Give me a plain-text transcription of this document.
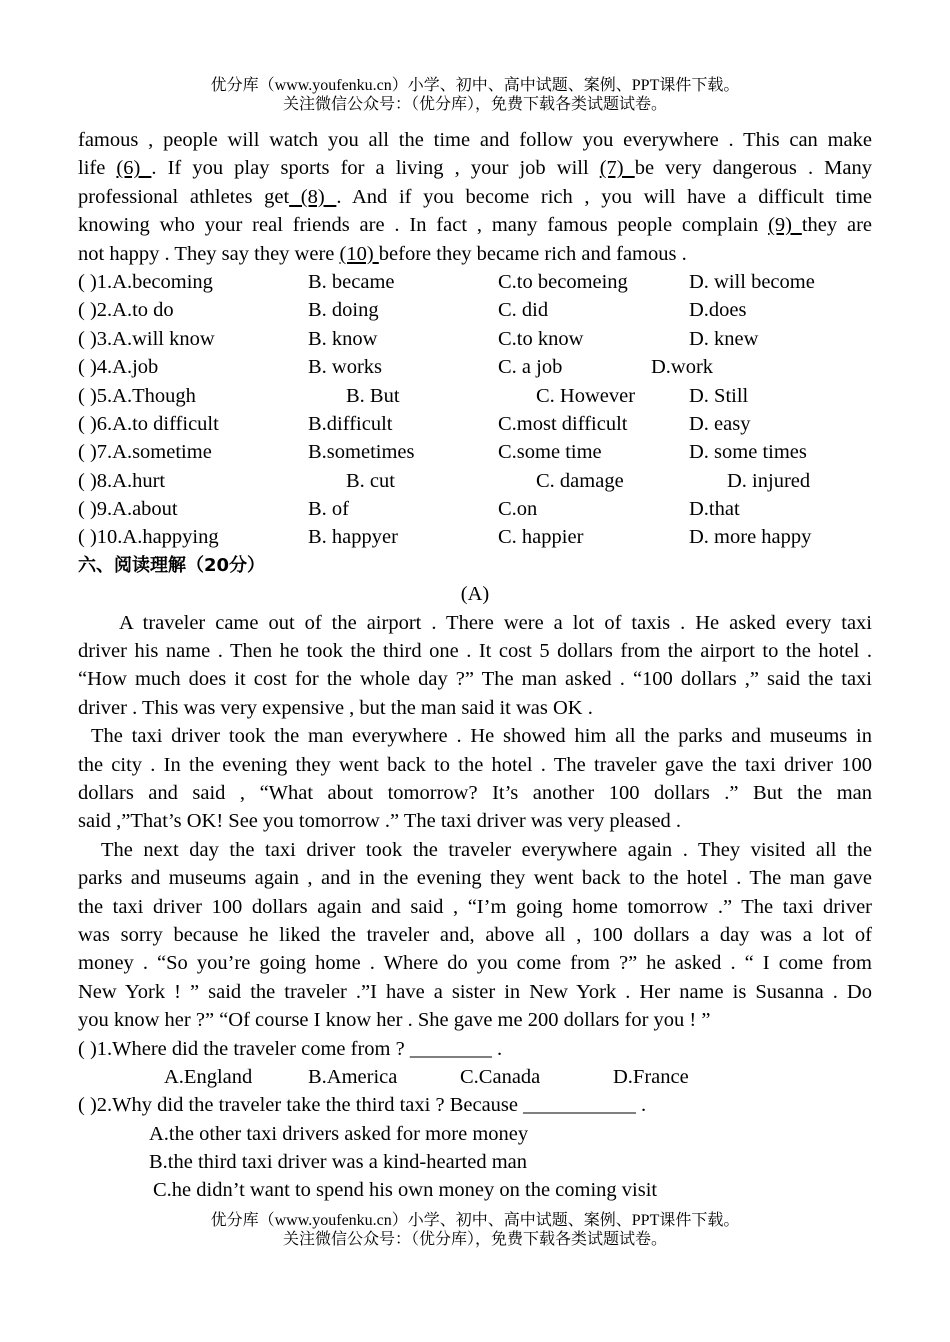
优分库（www.youfenku.cn）小学、初中、高中试题、案例、PPT课件下载。
关注微信公众号：（优分库），免费下载各类试题试卷。
famous , people will watch you all the time and follow you everywhere . This can make
life (6) . If you play sports for a living , your job will (7) be very dangerous . Many
professional athletes get (8) . And if you become rich , you will have a difficult time
knowing who your real friends are . In fact , many famous people complain (9) they are
not happy . They say they were (10) before they became rich and famous .
( )1.A.becoming	B. became	C.to becomeing	D. will become
( )2.A.to do	B. doing	C. did	D.does
( )3.A.will know	B. know	C.to know	D. knew
( )4.A.job	B. works	C. a job	D.work
( )5.A.Though	B. But	C. However	D. Still
( )6.A.to difficult	B.difficult	C.most difficult	D. easy
( )7.A.sometime	B.sometimes	C.some time	D. some times
( )8.A.hurt	B. cut	C. damage	D. injured
( )9.A.about	B. of	C.on	D.that
( )10.A.happying	B. happyer	C. happier	D. more happy
六、阅读理解（20分）
(A)
A traveler came out of the airport . There were a lot of taxis . He asked every taxi
driver his name . Then he took the third one . It cost 5 dollars from the airport to the hotel .
“How much does it cost for the whole day ?” The man asked . “100 dollars ,” said the taxi
driver . This was very expensive , but the man said it was OK .
The taxi driver took the man everywhere . He showed him all the parks and museums in
the city . In the evening they went back to the hotel . The traveler gave the taxi driver 100
dollars and said , “What about tomorrow? It’s another 100 dollars .” But the man
said ,”That’s OK! See you tomorrow .” The taxi driver was very pleased .
The next day the taxi driver took the traveler everywhere again . They visited all the
parks and museums again , and in the evening they went back to the hotel . The man gave
the taxi driver 100 dollars again and said , “I’m going home tomorrow .” The taxi driver
was sorry because he liked the traveler and, above all , 100 dollars a day was a lot of
money . “So you’re going home . Where do you come from ?” he asked . “ I come from
New York ! ” said the traveler .”I have a sister in New York . Her name is Susanna . Do
you know her ?” “Of course I know her . She gave me 200 dollars for you ! ”
( )1.Where did the traveler come from ? ________ .
A.England	B.America	C.Canada	D.France
( )2.Why did the traveler take the third taxi ? Because ___________ .
A.the other taxi drivers asked for more money
B.the third taxi driver was a kind-hearted man
C.he didn’t want to spend his own money on the coming visit
优分库（www.youfenku.cn）小学、初中、高中试题、案例、PPT课件下载。
关注微信公众号：（优分库），免费下载各类试题试卷。
